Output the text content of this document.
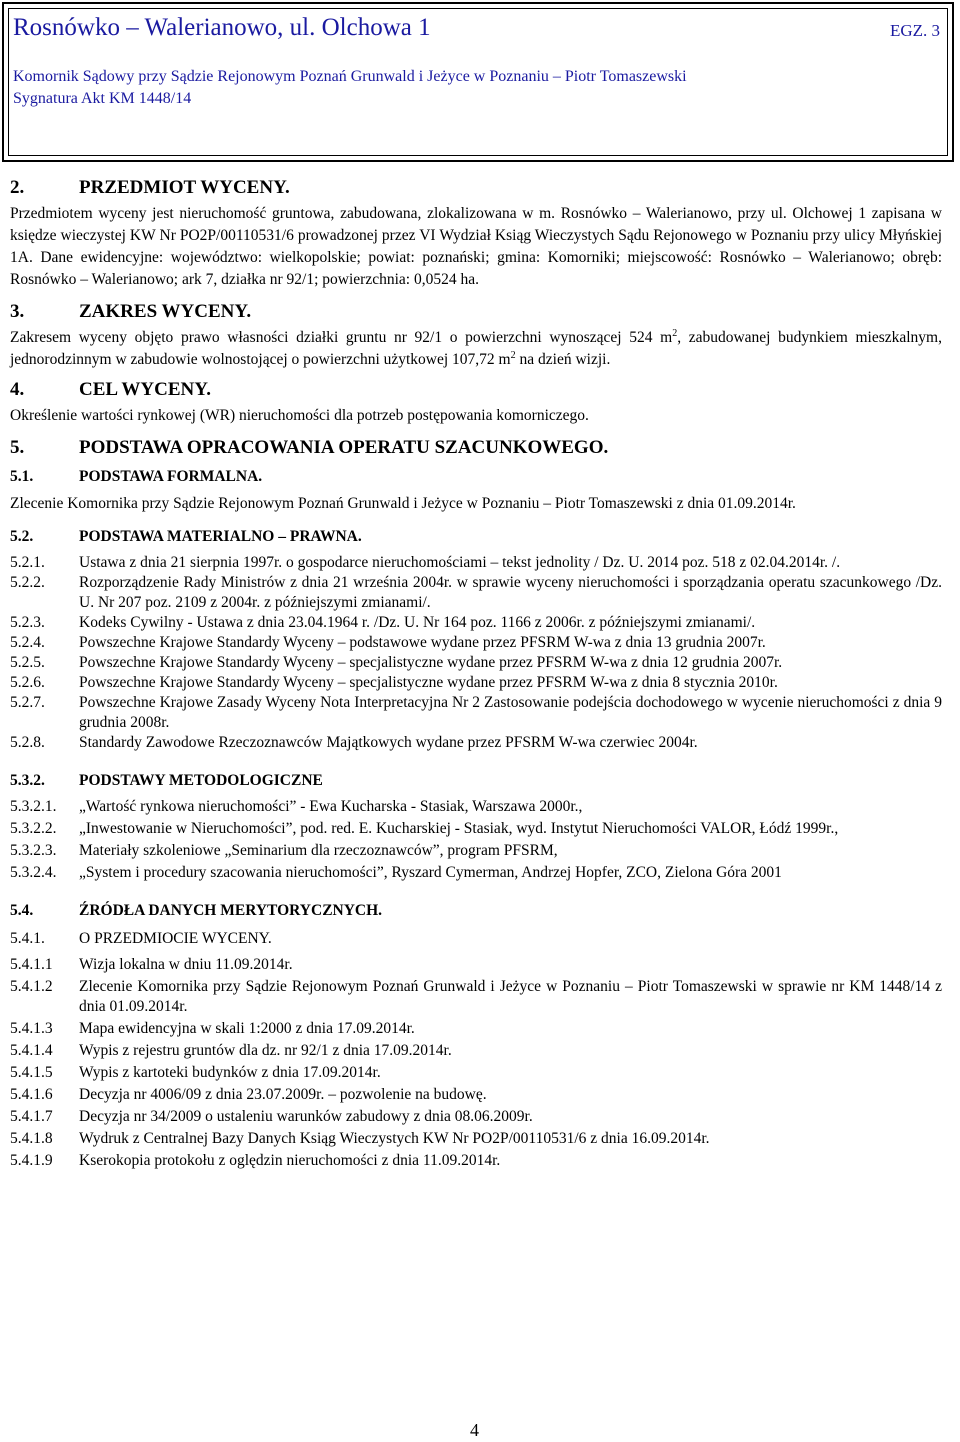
Rosnówko – Walerianowo, ul. Olchowa 1	EGZ. 3
Komornik Sądowy przy Sądzie Rejonowym Poznań Grunwald i Jeżyce w Poznaniu – Piotr Tomaszewski
Sygnatura Akt KM 1448/14
2.	PRZEDMIOT WYCENY.

Przedmiotem wyceny jest nieruchomość gruntowa, zabudowana, zlokalizowana w m. Rosnówko – Walerianowo, przy ul. Olchowej 1 zapisana w księdze wieczystej KW Nr PO2P/00110531/6 prowadzonej przez VI Wydział Ksiąg Wieczystych Sądu Rejonowego w Poznaniu przy ulicy Młyńskiej 1A. Dane ewidencyjne: województwo: wielkopolskie; powiat: poznański; gmina: Komorniki; miejscowość: Rosnówko – Walerianowo; obręb: Rosnówko – Walerianowo; ark 7, działka nr 92/1; powierzchnia: 0,0524 ha.

3.	ZAKRES WYCENY.

Zakresem wyceny objęto prawo własności działki gruntu nr 92/1 o powierzchni wynoszącej 524 $m^2$, zabudowanej budynkiem mieszkalnym, jednorodzinnym w zabudowie wolnostojącej o powierzchni użytkowej 107,72 $m^2$ na dzień wizji.

4.	CEL WYCENY.

Określenie wartości rynkowej (WR) nieruchomości dla potrzeb postępowania komorniczego.

5.	PODSTAWA OPRACOWANIA OPERATU SZACUNKOWEGO.
5.1.	PODSTAWA FORMALNA.

Zlecenie Komornika przy Sądzie Rejonowym Poznań Grunwald i Jeżyce w Poznaniu – Piotr Tomaszewski z dnia 01.09.2014r.

5.2.	PODSTAWA MATERIALNO – PRAWNA.
5.2.1.	Ustawa z dnia 21 sierpnia 1997r. o gospodarce nieruchomościami – tekst jednolity / Dz. U. 2014 poz. 518 z 02.04.2014r. /.
5.2.2.	Rozporządzenie Rady Ministrów z dnia 21 września 2004r. w sprawie wyceny nieruchomości i sporządzania operatu szacunkowego /Dz. U. Nr 207 poz. 2109 z 2004r. z późniejszymi zmianami/.
5.2.3.	Kodeks Cywilny - Ustawa z dnia 23.04.1964 r. /Dz. U. Nr 164 poz. 1166 z 2006r. z późniejszymi zmianami/.
5.2.4.	Powszechne Krajowe Standardy Wyceny – podstawowe wydane przez PFSRM W-wa z dnia 13 grudnia 2007r.
5.2.5.	Powszechne Krajowe Standardy Wyceny – specjalistyczne wydane przez PFSRM W-wa z dnia 12 grudnia 2007r.
5.2.6.	Powszechne Krajowe Standardy Wyceny – specjalistyczne wydane przez PFSRM W-wa z dnia 8 stycznia 2010r.
5.2.7.	Powszechne Krajowe Zasady Wyceny Nota Interpretacyjna Nr 2 Zastosowanie podejścia dochodowego w wycenie nieruchomości z dnia 9 grudnia 2008r.
5.2.8.	Standardy Zawodowe Rzeczoznawców Majątkowych wydane przez PFSRM W-wa czerwiec 2004r.
5.3.2. PODSTAWY METODOLOGICZNE
5.3.2.1.	„Wartość rynkowa nieruchomości” - Ewa Kucharska - Stasiak, Warszawa 2000r.,
5.3.2.2.	„Inwestowanie w Nieruchomości”, pod. red. E. Kucharskiej - Stasiak, wyd. Instytut Nieruchomości VALOR, Łódź 1999r.,
5.3.2.3.	Materiały szkoleniowe „Seminarium dla rzeczoznawców”, program PFSRM,
5.3.2.4.	„System i procedury szacowania nieruchomości”, Ryszard Cymerman, Andrzej Hopfer, ZCO, Zielona Góra 2001
5.4.	ŹRÓDŁA DANYCH MERYTORYCZNYCH.
5.4.1. O PRZEDMIOCIE WYCENY.
5.4.1.1	Wizja lokalna w dniu 11.09.2014r.
5.4.1.2	Zlecenie Komornika przy Sądzie Rejonowym Poznań Grunwald i Jeżyce w Poznaniu – Piotr Tomaszewski w sprawie nr KM 1448/14 z dnia 01.09.2014r.
5.4.1.3	Mapa ewidencyjna w skali 1:2000 z dnia 17.09.2014r.
5.4.1.4	Wypis z rejestru gruntów dla dz. nr 92/1 z dnia 17.09.2014r.
5.4.1.5	Wypis z kartoteki budynków z dnia 17.09.2014r.
5.4.1.6	Decyzja nr 4006/09 z dnia 23.07.2009r. – pozwolenie na budowę.
5.4.1.7	Decyzja nr 34/2009 o ustaleniu warunków zabudowy z dnia 08.06.2009r.
5.4.1.8	Wydruk z Centralnej Bazy Danych Ksiąg Wieczystych KW Nr PO2P/00110531/6 z dnia 16.09.2014r.
5.4.1.9	Kserokopia protokołu z oględzin nieruchomości z dnia 11.09.2014r.
4
